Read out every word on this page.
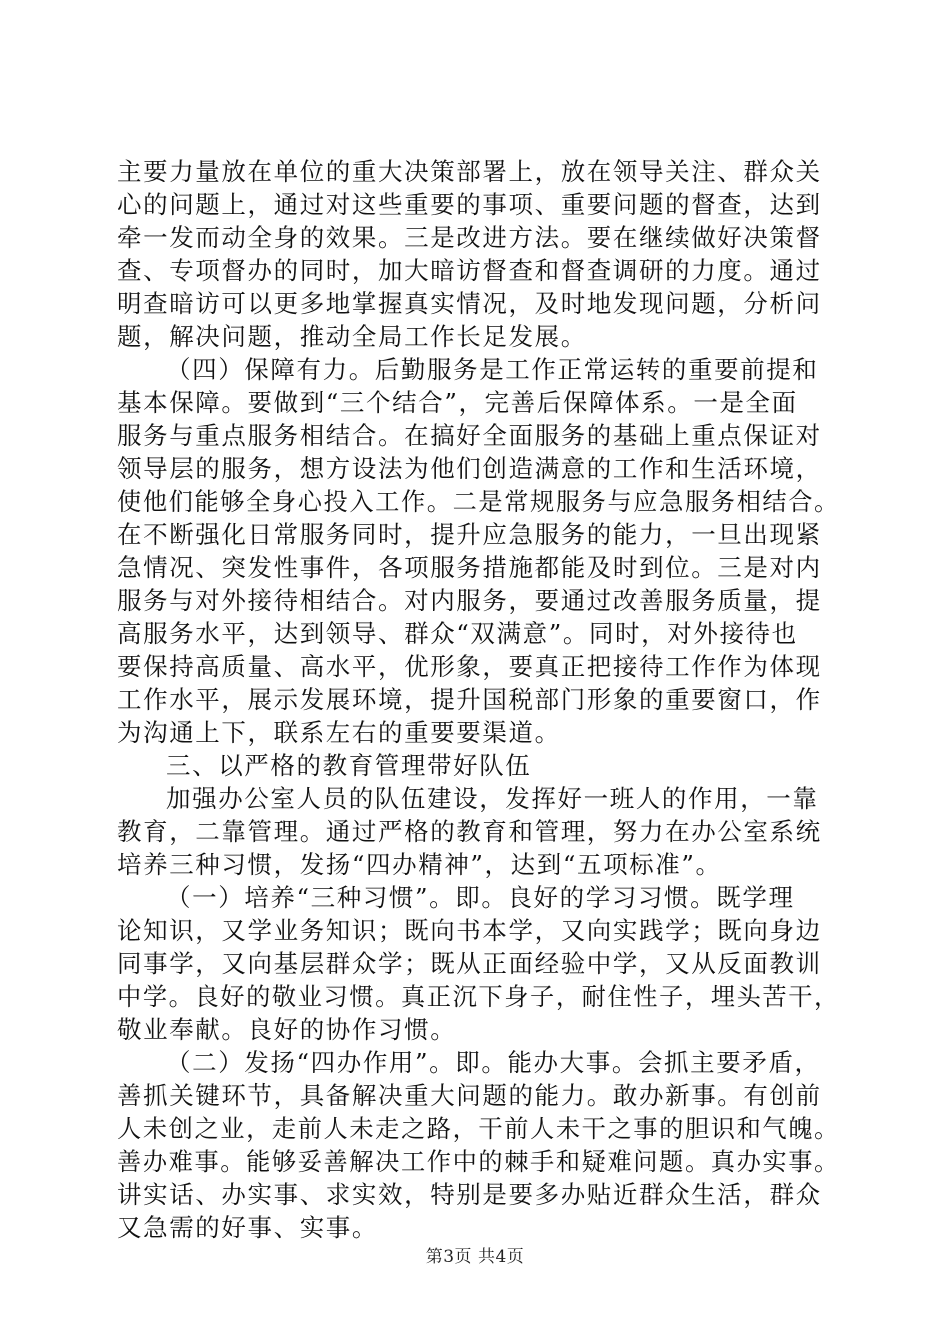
主要力量放在单位的重大决策部署上，放在领导关注、群众关
心的问题上，通过对这些重要的事项、重要问题的督查，达到
牵一发而动全身的效果。三是改进方法。要在继续做好决策督
查、专项督办的同时，加大暗访督查和督查调研的力度。通过
明查暗访可以更多地掌握真实情况，及时地发现问题，分析问
题，解决问题，推动全局工作长足发展。
（四）保障有力。后勤服务是工作正常运转的重要前提和
基本保障。要做到“三个结合”，完善后保障体系。一是全面
服务与重点服务相结合。在搞好全面服务的基础上重点保证对
领导层的服务，想方设法为他们创造满意的工作和生活环境，
使他们能够全身心投入工作。二是常规服务与应急服务相结合。
在不断强化日常服务同时，提升应急服务的能力，一旦出现紧
急情况、突发性事件，各项服务措施都能及时到位。三是对内
服务与对外接待相结合。对内服务，要通过改善服务质量，提
高服务水平，达到领导、群众“双满意”。同时，对外接待也
要保持高质量、高水平，优形象，要真正把接待工作作为体现
工作水平，展示发展环境，提升国税部门形象的重要窗口，作
为沟通上下，联系左右的重要要渠道。
三、以严格的教育管理带好队伍
加强办公室人员的队伍建设，发挥好一班人的作用，一靠
教育，二靠管理。通过严格的教育和管理，努力在办公室系统
培养三种习惯，发扬“四办精神”，达到“五项标准”。
（一）培养“三种习惯”。即。良好的学习习惯。既学理
论知识，又学业务知识；既向书本学，又向实践学；既向身边
同事学，又向基层群众学；既从正面经验中学，又从反面教训
中学。良好的敬业习惯。真正沉下身子，耐住性子，埋头苦干，
敬业奉献。良好的协作习惯。
（二）发扬“四办作用”。即。能办大事。会抓主要矛盾，
善抓关键环节，具备解决重大问题的能力。敢办新事。有创前
人未创之业，走前人未走之路，干前人未干之事的胆识和气魄。
善办难事。能够妥善解决工作中的棘手和疑难问题。真办实事。
讲实话、办实事、求实效，特别是要多办贴近群众生活，群众
又急需的好事、实事。
第3页 共4页
